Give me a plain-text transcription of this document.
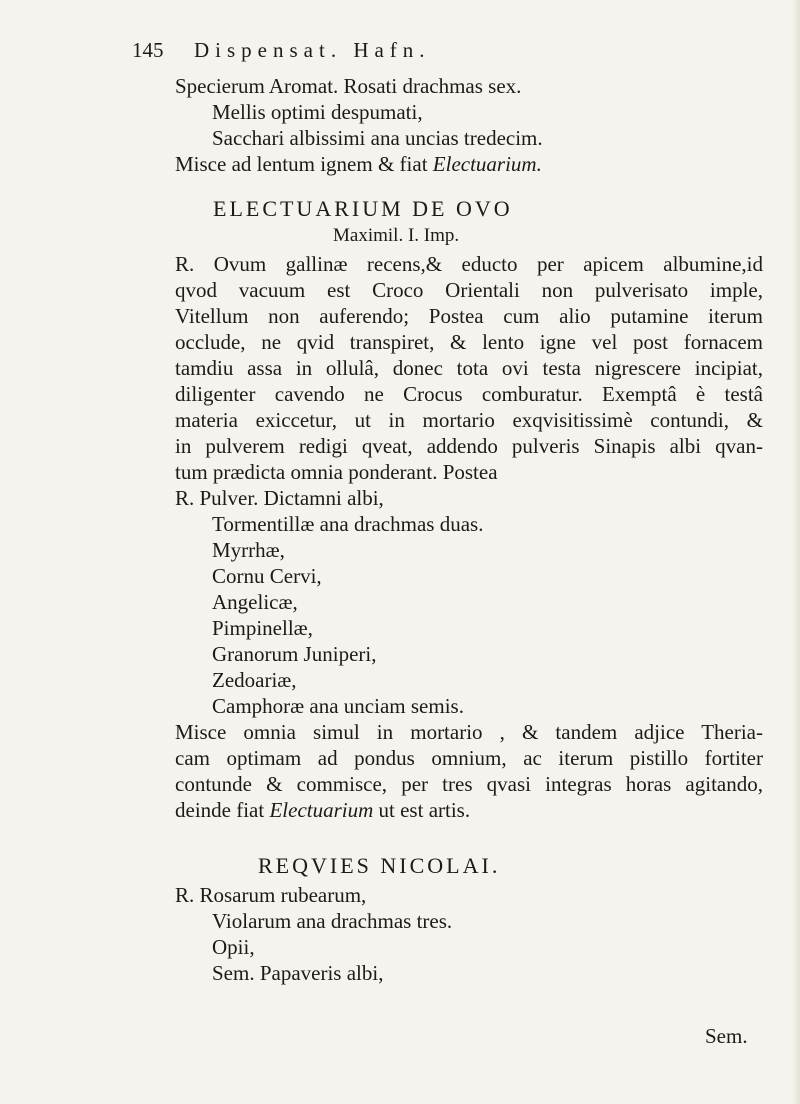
145 Dispensat. Hafn.
Specierum Aromat. Rosati drachmas sex.
Mellis optimi despumati,
Sacchari albissimi ana uncias tredecim.
Misce ad lentum ignem & fiat Electuarium.
ELECTUARIUM DE OVO
Maximil. I. Imp.
R. Ovum gallinæ recens,& educto per apicem albumine,id
qvod vacuum est Croco Orientali non pulverisato imple,
Vitellum non auferendo; Postea cum alio putamine iterum
occlude, ne qvid transpiret, & lento igne vel post fornacem
tamdiu assa in ollulâ, donec tota ovi testa nigrescere incipiat,
diligenter cavendo ne Crocus comburatur. Exemptâ è testâ
materia exiccetur, ut in mortario exqvisitissimè contundi, &
in pulverem redigi qveat, addendo pulveris Sinapis albi qvan-
tum prædicta omnia ponderant. Postea
R. Pulver. Dictamni albi,
Tormentillæ ana drachmas duas.
Myrrhæ,
Cornu Cervi,
Angelicæ,
Pimpinellæ,
Granorum Juniperi,
Zedoariæ,
Camphoræ ana unciam semis.
Misce omnia simul in mortario , & tandem adjice Theria-
cam optimam ad pondus omnium, ac iterum pistillo fortiter
contunde & commisce, per tres qvasi integras horas agitando,
deinde fiat Electuarium ut est artis.
REQVIES NICOLAI.
R. Rosarum rubearum,
Violarum ana drachmas tres.
Opii,
Sem. Papaveris albi,
Sem.
